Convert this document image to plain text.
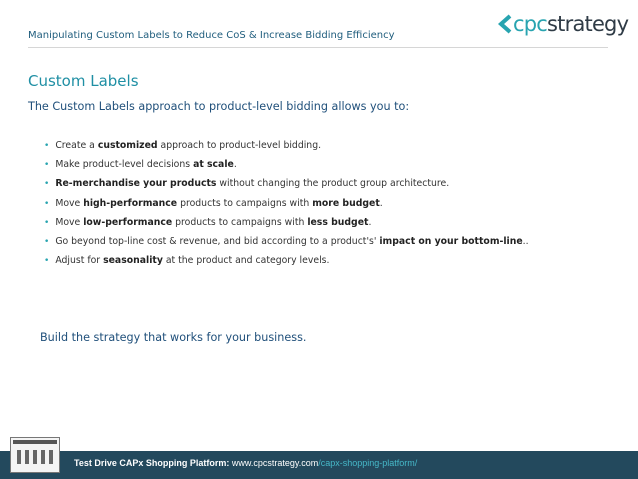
Manipulating Custom Labels to Reduce CoS & Increase Bidding Efficiency	cpcstrategy
Custom Labels
The Custom Labels approach to product-level bidding allows you to:
• Create a customized approach to product-level bidding.
• Make product-level decisions at scale.
• Re-merchandise your products without changing the product group architecture.
• Move high-performance products to campaigns with more budget.
• Move low-performance products to campaigns with less budget.
• Go beyond top-line cost & revenue, and bid according to a product's' impact on your bottom-line..
• Adjust for seasonality at the product and category levels.
Build the strategy that works for your business.
Test Drive CAPx Shopping Platform: www.cpcstrategy.com/capx-shopping-platform/
